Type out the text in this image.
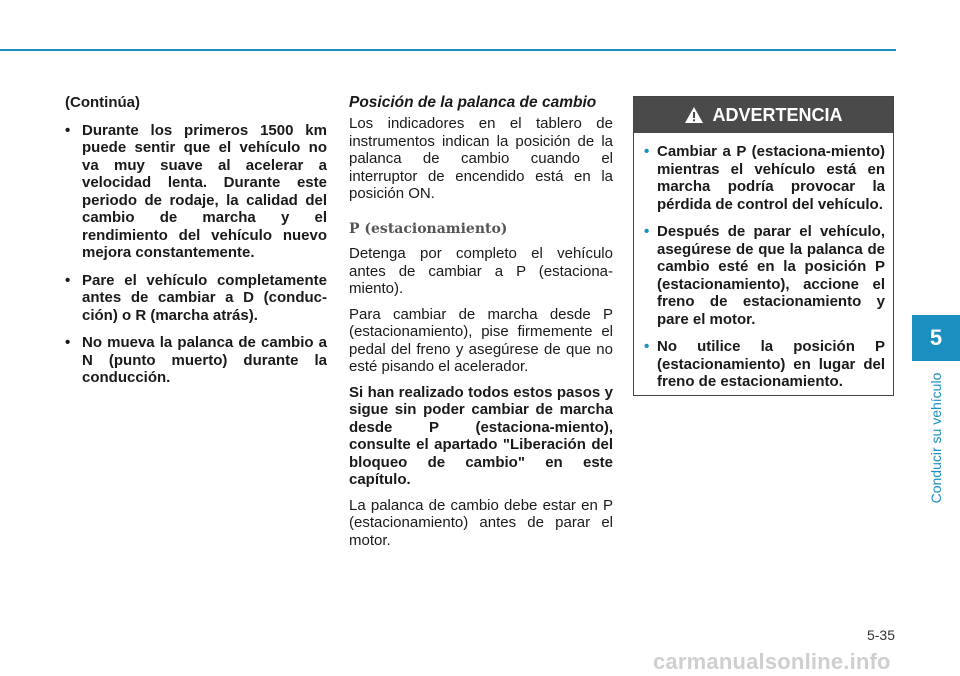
(Continúa)

• Durante los primeros 1500 km puede sentir que el vehículo no va muy suave al acelerar a velocidad lenta. Durante este periodo de rodaje, la calidad del cambio de marcha y el rendimiento del vehículo nuevo mejora constantemente.
• Pare el vehículo completamente antes de cambiar a D (conduc-ción) o R (marcha atrás).
• No mueva la palanca de cambio a N (punto muerto) durante la conducción.
Posición de la palanca de cambio

Los indicadores en el tablero de instrumentos indican la posición de la palanca de cambio cuando el interruptor de encendido está en la posición ON.

P (estacionamiento)

Detenga por completo el vehículo antes de cambiar a P (estaciona-miento).

Para cambiar de marcha desde P (estacionamiento), pise firmemente el pedal del freno y asegúrese de que no esté pisando el acelerador.

Si han realizado todos estos pasos y sigue sin poder cambiar de marcha desde P (estaciona-miento), consulte el apartado "Liberación del bloqueo de cambio" en este capítulo.

La palanca de cambio debe estar en P (estacionamiento) antes de parar el motor.

ADVERTENCIA
• Cambiar a P (estaciona-miento) mientras el vehículo está en marcha podría provocar la pérdida de control del vehículo.
• Después de parar el vehículo, asegúrese de que la palanca de cambio esté en la posición P (estacionamiento), accione el freno de estacionamiento y pare el motor.
• No utilice la posición P (estacionamiento) en lugar del freno de estacionamiento.
5
Conducir su vehículo
5-35
carmanualsonline.info
